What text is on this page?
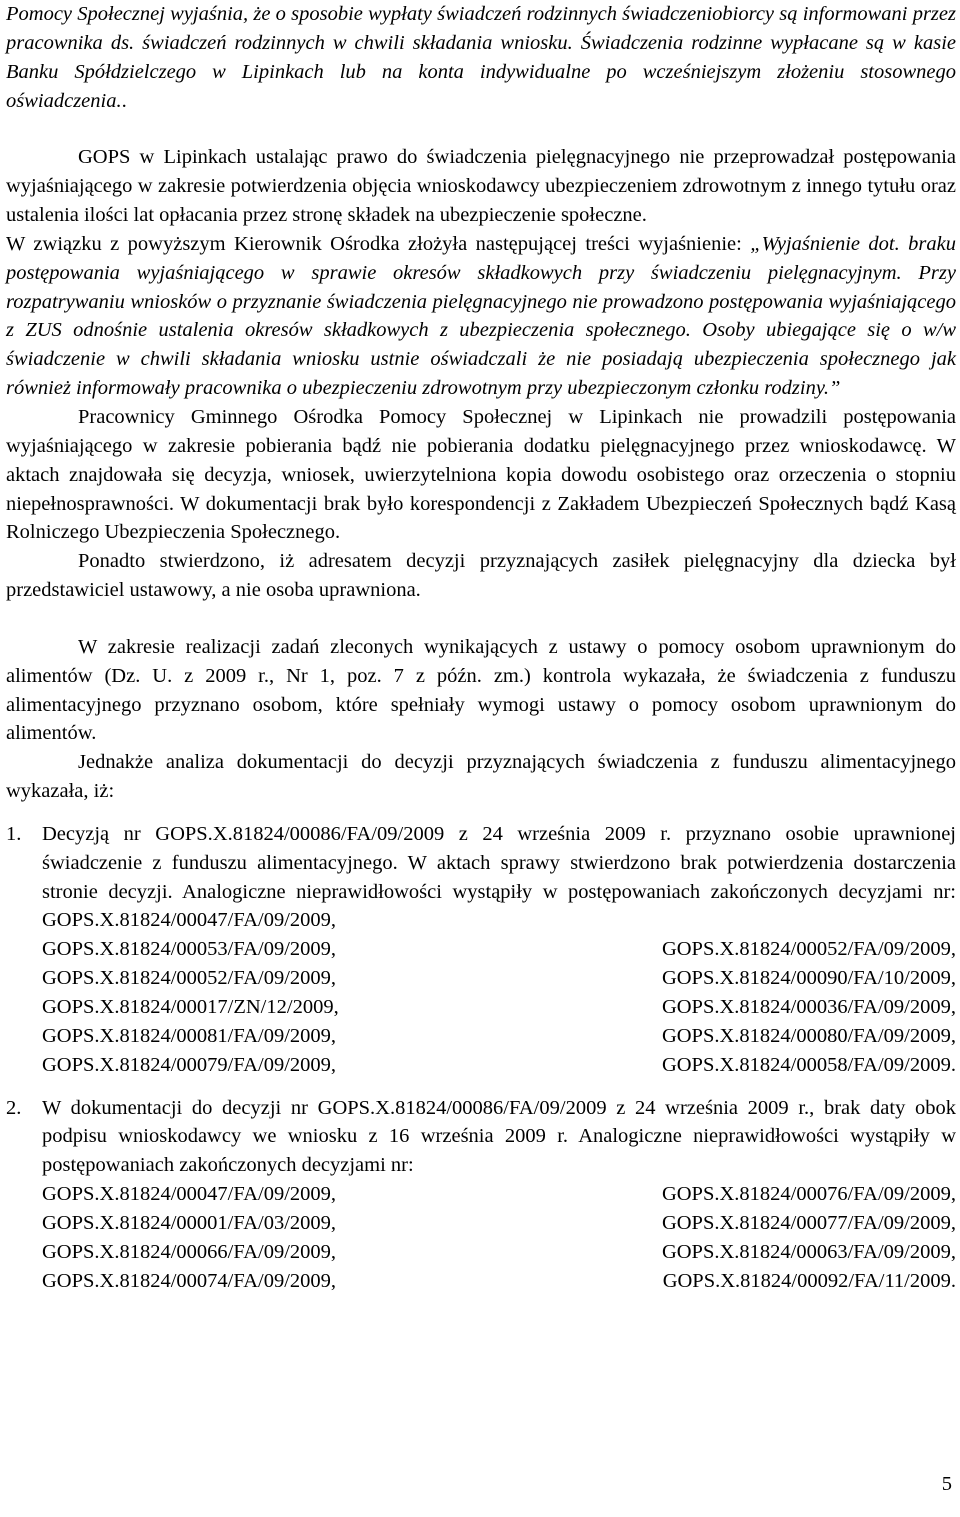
Pomocy Społecznej wyjaśnia, że o sposobie wypłaty świadczeń rodzinnych świadczeniobiorcy są informowani przez pracownika ds. świadczeń rodzinnych w chwili składania wniosku. Świadczenia rodzinne wypłacane są w kasie Banku Spółdzielczego w Lipinkach lub na konta indywidualne po wcześniejszym złożeniu stosownego oświadczenia..

GOPS w Lipinkach ustalając prawo do świadczenia pielęgnacyjnego nie przeprowadzał postępowania wyjaśniającego w zakresie potwierdzenia objęcia wnioskodawcy ubezpieczeniem zdrowotnym z innego tytułu oraz ustalenia ilości lat opłacania przez stronę składek na ubezpieczenie społeczne.

W związku z powyższym Kierownik Ośrodka złożyła następującej treści wyjaśnienie: „Wyjaśnienie dot. braku postępowania wyjaśniającego w sprawie okresów składkowych przy świadczeniu pielęgnacyjnym. Przy rozpatrywaniu wniosków o przyznanie świadczenia pielęgnacyjnego nie prowadzono postępowania wyjaśniającego z ZUS odnośnie ustalenia okresów składkowych z ubezpieczenia społecznego. Osoby ubiegające się o w/w świadczenie w chwili składania wniosku ustnie oświadczali że nie posiadają ubezpieczenia społecznego jak również informowały pracownika o ubezpieczeniu zdrowotnym przy ubezpieczonym członku rodziny.”

Pracownicy Gminnego Ośrodka Pomocy Społecznej w Lipinkach nie prowadzili postępowania wyjaśniającego w zakresie pobierania bądź nie pobierania dodatku pielęgnacyjnego przez wnioskodawcę. W aktach znajdowała się decyzja, wniosek, uwierzytelniona kopia dowodu osobistego oraz orzeczenia o stopniu niepełnosprawności. W dokumentacji brak było korespondencji z Zakładem Ubezpieczeń Społecznych bądź Kasą Rolniczego Ubezpieczenia Społecznego.

Ponadto stwierdzono, iż adresatem decyzji przyznających zasiłek pielęgnacyjny dla dziecka był przedstawiciel ustawowy, a nie osoba uprawniona.

W zakresie realizacji zadań zleconych wynikających z ustawy o pomocy osobom uprawnionym do alimentów (Dz. U. z 2009 r., Nr 1, poz. 7 z późn. zm.) kontrola wykazała, że świadczenia z funduszu alimentacyjnego przyznano osobom, które spełniały wymogi ustawy o pomocy osobom uprawnionym do alimentów.

Jednakże analiza dokumentacji do decyzji przyznających świadczenia z funduszu alimentacyjnego wykazała, iż:

1. Decyzją nr GOPS.X.81824/00086/FA/09/2009 z 24 września 2009 r. przyznano osobie uprawnionej świadczenie z funduszu alimentacyjnego. W aktach sprawy stwierdzono brak potwierdzenia dostarczenia stronie decyzji. Analogiczne nieprawidłowości wystąpiły w postępowaniach zakończonych decyzjami nr: GOPS.X.81824/00047/FA/09/2009,

GOPS.X.81824/00053/FA/09/2009,	GOPS.X.81824/00052/FA/09/2009,
GOPS.X.81824/00052/FA/09/2009,	GOPS.X.81824/00090/FA/10/2009,
GOPS.X.81824/00017/ZN/12/2009,	GOPS.X.81824/00036/FA/09/2009,
GOPS.X.81824/00081/FA/09/2009,	GOPS.X.81824/00080/FA/09/2009,
GOPS.X.81824/00079/FA/09/2009,	GOPS.X.81824/00058/FA/09/2009.
2. W dokumentacji do decyzji nr GOPS.X.81824/00086/FA/09/2009 z 24 września 2009 r., brak daty obok podpisu wnioskodawcy we wniosku z 16 września 2009 r. Analogiczne nieprawidłowości wystąpiły w postępowaniach zakończonych decyzjami nr:

GOPS.X.81824/00047/FA/09/2009,	GOPS.X.81824/00076/FA/09/2009,
GOPS.X.81824/00001/FA/03/2009,	GOPS.X.81824/00077/FA/09/2009,
GOPS.X.81824/00066/FA/09/2009,	GOPS.X.81824/00063/FA/09/2009,
GOPS.X.81824/00074/FA/09/2009,	GOPS.X.81824/00092/FA/11/2009.
5
